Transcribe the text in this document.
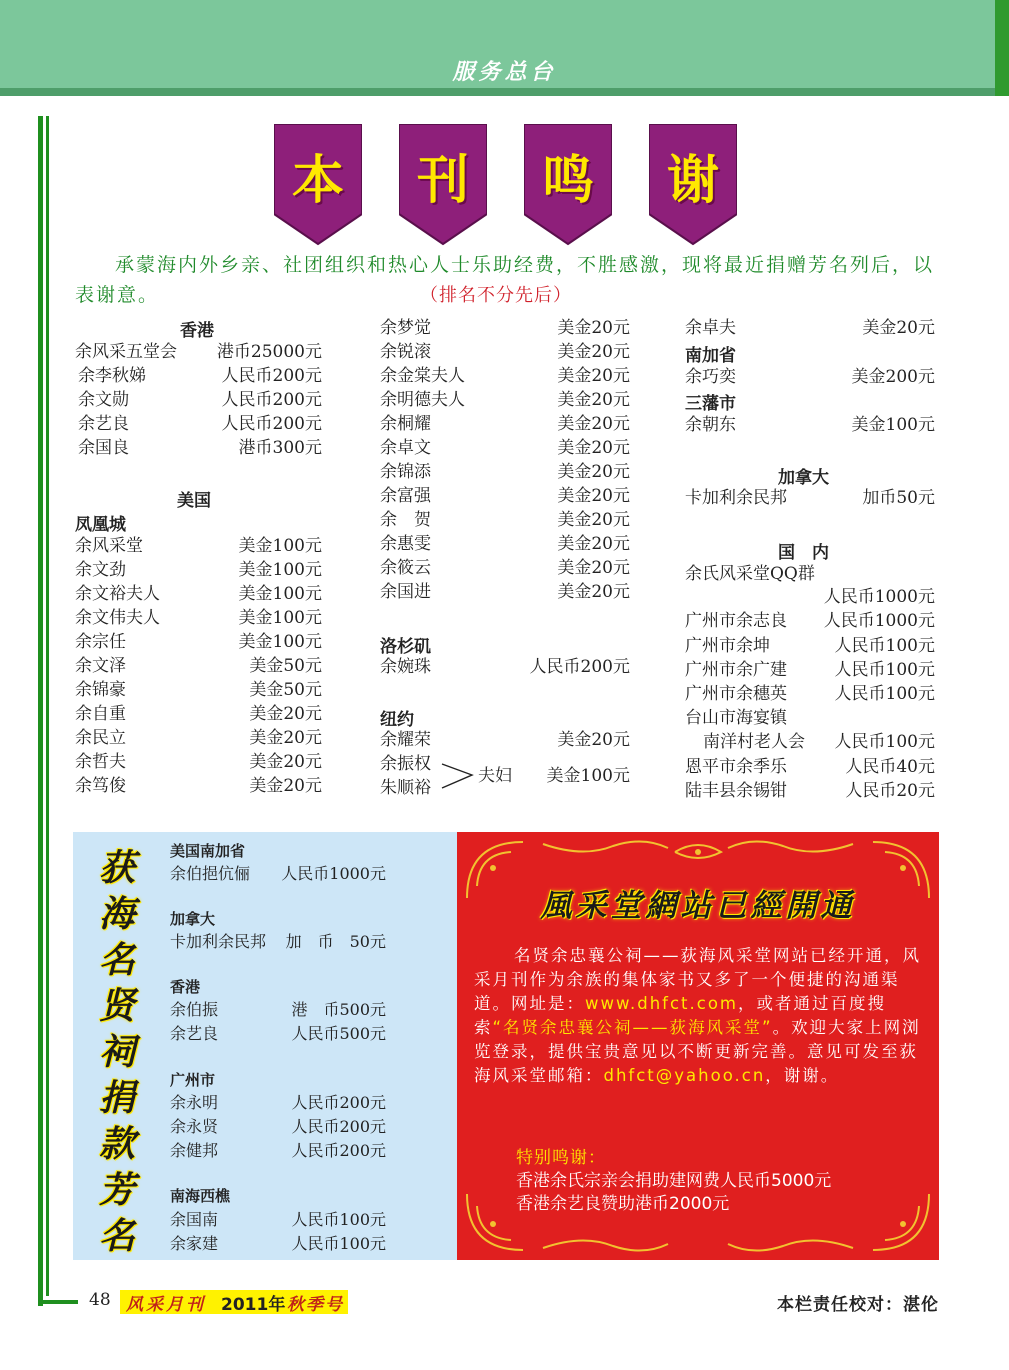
服务总台
本	刊	鸣	谢
承蒙海内外乡亲、社团组织和热心人士乐助经费，不胜感激，现将最近捐赠芳名列后，以表谢意。	（排名不分先后）
香港
余风采五堂会 港币25000元
余李秋娣	人民币200元
余文勋	人民币200元
余艺良	人民币200元
余国良	港币300元
美国
凤凰城
余风采堂	美金100元
余文劲	美金100元
余文裕夫人	美金100元
余文伟夫人	美金100元
余宗任	美金100元
余文泽	美金50元
余锦豪	美金50元
余自重	美金20元
余民立	美金20元
余哲夫	美金20元
余笃俊	美金20元
余梦觉	美金20元
余锐滚	美金20元
余金棠夫人	美金20元
余明德夫人	美金20元
余桐耀	美金20元
余卓文	美金20元
余锦添	美金20元
余富强	美金20元
余　贺	美金20元
余惠雯	美金20元
余筱云	美金20元
余国进	美金20元
洛杉矶
余婉珠	人民币200元
纽约
余耀荣	美金20元
余振权
朱顺裕
夫妇 美金100元
余卓夫	美金20元
南加省
余巧奕	美金200元
三藩市
余朝东	美金100元
加拿大
卡加利余民邦	加币50元
国　内
余氏风采堂QQ群
人民币1000元
广州市余志良 人民币1000元
广州市余坤	人民币100元
广州市余广建	人民币100元
广州市余穗英	人民币100元
台山市海宴镇
南洋村老人会 人民币100元
恩平市余季乐	人民币40元
陆丰县余锡钳	人民币20元
获
海
名
贤
祠
捐
款
芳
名
美国南加省
余伯挹伉俪 人民币1000元
加拿大
卡加利余民邦 加　币　50元
香港
余伯振	港　币500元
余艺良	人民币500元
广州市
余永明	人民币200元
余永贤	人民币200元
余健邦	人民币200元
南海西樵
余国南	人民币100元
余家建	人民币100元
風采堂網站已經開通
名贤余忠襄公祠——荻海风采堂网站已经开通，风采月刊作为余族的集体家书又多了一个便捷的沟通渠道。网址是：www.dhfct.com，或者通过百度搜索“名贤余忠襄公祠——荻海风采堂”。欢迎大家上网浏览登录，提供宝贵意见以不断更新完善。意见可发至荻海风采堂邮箱：dhfct@yahoo.cn，谢谢。
特别鸣谢：
香港余氏宗亲会捐助建网费人民币5000元
香港余艺良赞助港币2000元
48 风采月刊 2011年 秋季号	本栏责任校对：湛伦
